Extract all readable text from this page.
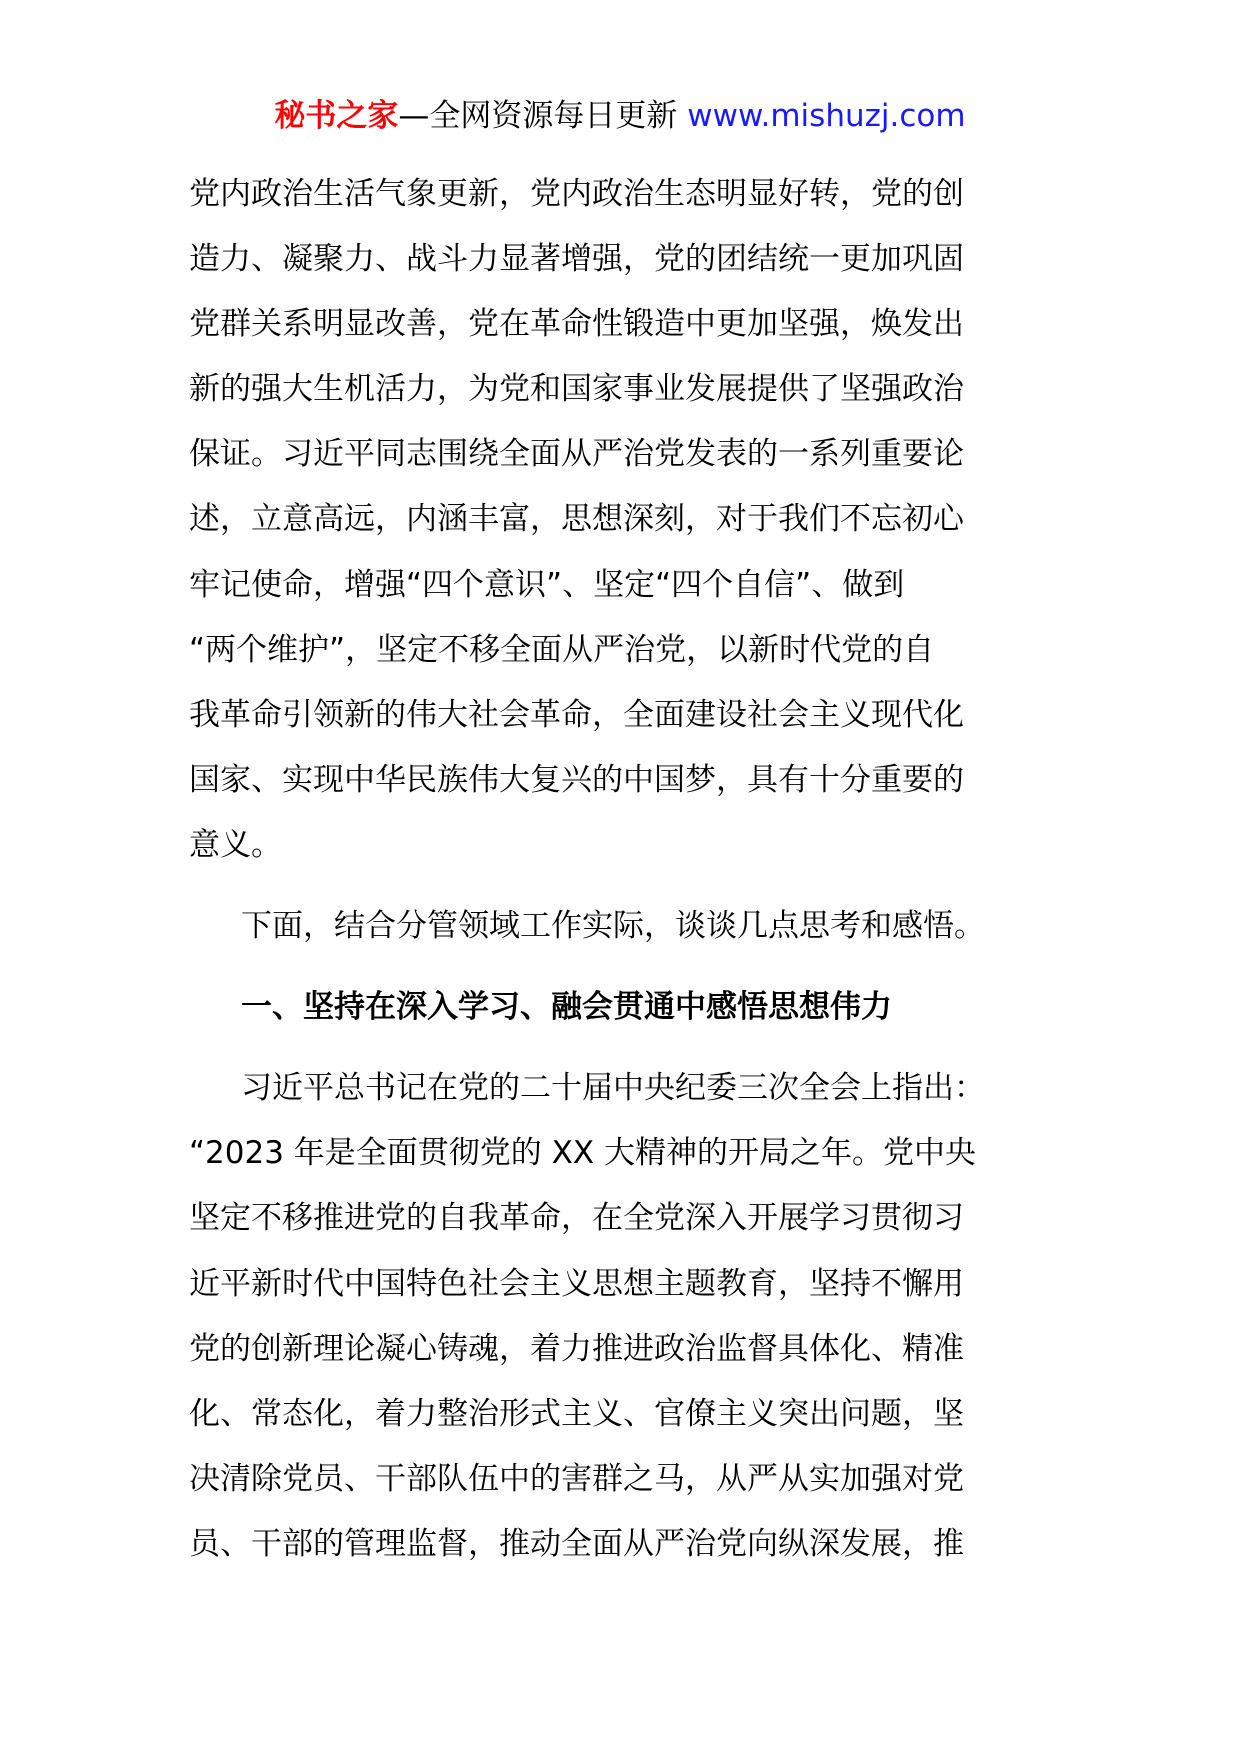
秘书之家—全网资源每日更新 www.mishuzj.com
党内政治生活气象更新，党内政治生态明显好转，党的创
造力、凝聚力、战斗力显著增强，党的团结统一更加巩固
党群关系明显改善，党在革命性锻造中更加坚强，焕发出
新的强大生机活力，为党和国家事业发展提供了坚强政治
保证。习近平同志围绕全面从严治党发表的一系列重要论
述，立意高远，内涵丰富，思想深刻，对于我们不忘初心
牢记使命，增强“四个意识”、坚定“四个自信”、做到
“两个维护”，坚定不移全面从严治党，以新时代党的自
我革命引领新的伟大社会革命，全面建设社会主义现代化
国家、实现中华民族伟大复兴的中国梦，具有十分重要的
意义。
下面，结合分管领域工作实际，谈谈几点思考和感悟。
一、坚持在深入学习、融会贯通中感悟思想伟力
习近平总书记在党的二十届中央纪委三次全会上指出：
“2023 年是全面贯彻党的 XX 大精神的开局之年。党中央
坚定不移推进党的自我革命，在全党深入开展学习贯彻习
近平新时代中国特色社会主义思想主题教育，坚持不懈用
党的创新理论凝心铸魂，着力推进政治监督具体化、精准
化、常态化，着力整治形式主义、官僚主义突出问题，坚
决清除党员、干部队伍中的害群之马，从严从实加强对党
员、干部的管理监督，推动全面从严治党向纵深发展，推
